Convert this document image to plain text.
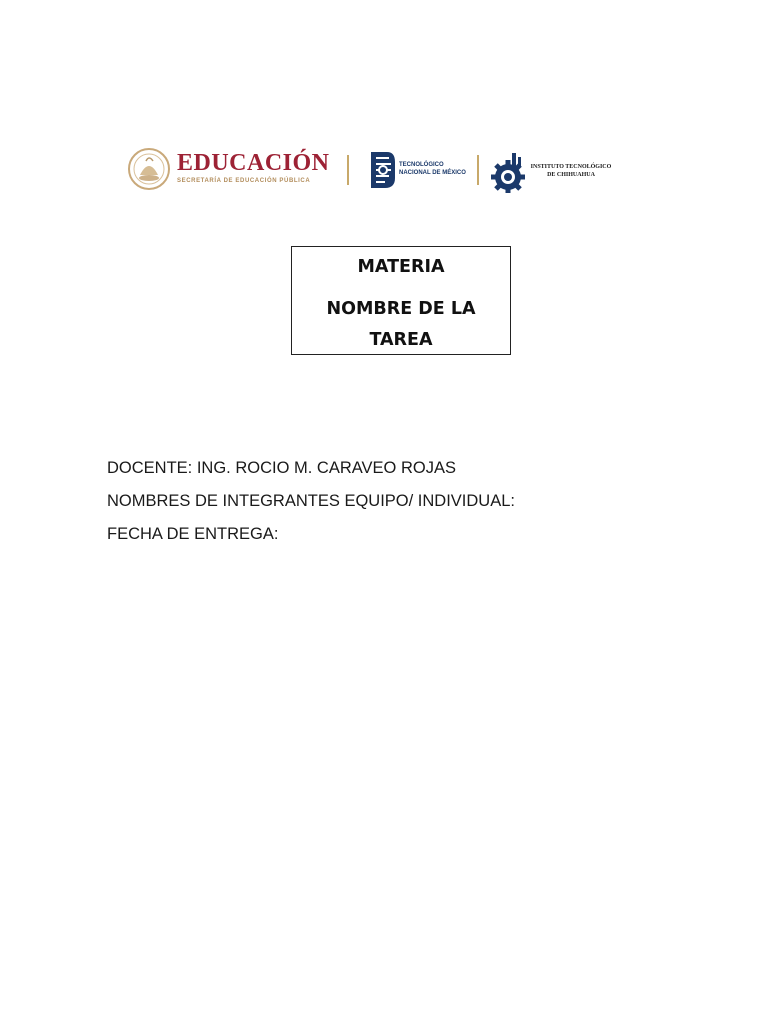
EDUCACIÓN
SECRETARÍA DE EDUCACIÓN PÚBLICA
TECNOLÓGICO
NACIONAL DE MÉXICO
INSTITUTO TECNOLÓGICO
DE CHIHUAHUA
MATERIA
NOMBRE DE LA TAREA
DOCENTE: ING. ROCIO M. CARAVEO ROJAS
NOMBRES DE INTEGRANTES EQUIPO/ INDIVIDUAL:
FECHA DE ENTREGA:
